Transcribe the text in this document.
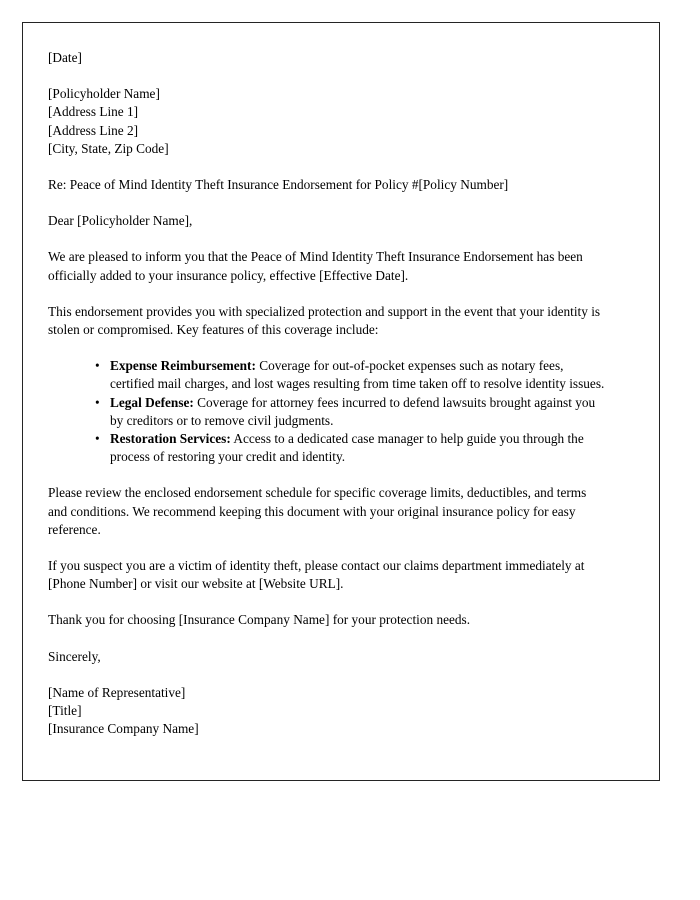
[Date]
[Policyholder Name]
[Address Line 1]
[Address Line 2]
[City, State, Zip Code]
Re: Peace of Mind Identity Theft Insurance Endorsement for Policy #[Policy Number]
Dear [Policyholder Name],
We are pleased to inform you that the Peace of Mind Identity Theft Insurance Endorsement has been officially added to your insurance policy, effective [Effective Date].
This endorsement provides you with specialized protection and support in the event that your identity is stolen or compromised. Key features of this coverage include:
• Expense Reimbursement: Coverage for out-of-pocket expenses such as notary fees, certified mail charges, and lost wages resulting from time taken off to resolve identity issues.
• Legal Defense: Coverage for attorney fees incurred to defend lawsuits brought against you by creditors or to remove civil judgments.
• Restoration Services: Access to a dedicated case manager to help guide you through the process of restoring your credit and identity.
Please review the enclosed endorsement schedule for specific coverage limits, deductibles, and terms and conditions. We recommend keeping this document with your original insurance policy for easy reference.
If you suspect you are a victim of identity theft, please contact our claims department immediately at [Phone Number] or visit our website at [Website URL].
Thank you for choosing [Insurance Company Name] for your protection needs.
Sincerely,
[Name of Representative]
[Title]
[Insurance Company Name]
